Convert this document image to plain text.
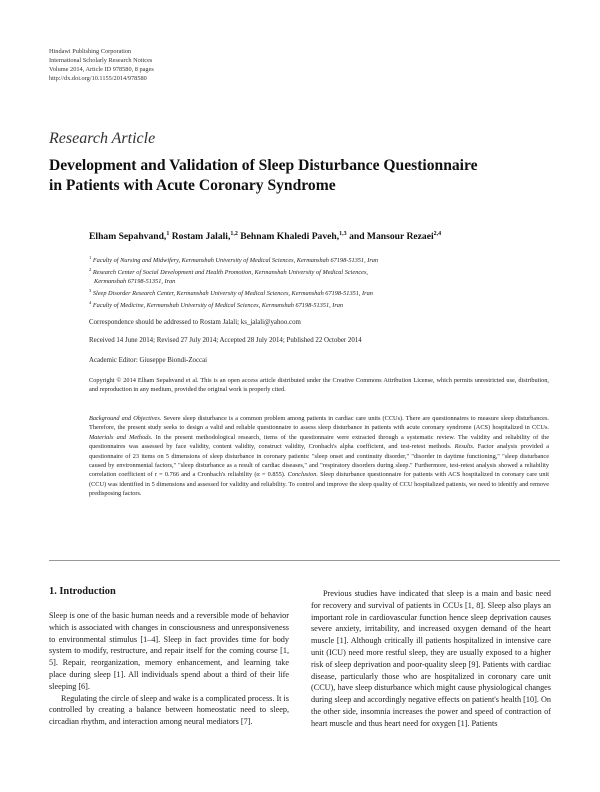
Hindawi Publishing Corporation
International Scholarly Research Notices
Volume 2014, Article ID 978580, 8 pages
http://dx.doi.org/10.1155/2014/978580
Research Article
Development and Validation of Sleep Disturbance Questionnaire
in Patients with Acute Coronary Syndrome
Elham Sepahvand,$^1$ Rostam Jalali,$^{1,2}$ Behnam Khaledi Paveh,$^{1,3}$ and Mansour Rezaei$^{2,4}$
$^1$ Faculty of Nursing and Midwifery, Kermanshah University of Medical Sciences, Kermanshah 67198-51351, Iran
$^2$ Research Center of Social Development and Health Promotion, Kermanshah University of Medical Sciences,
Kermanshah 67198-51351, Iran
$^3$ Sleep Disorder Research Center, Kermanshah University of Medical Sciences, Kermanshah 67198-51351, Iran
$^4$ Faculty of Medicine, Kermanshah University of Medical Sciences, Kermanshah 67198-51351, Iran
Correspondence should be addressed to Rostam Jalali; ks_jalali@yahoo.com
Received 14 June 2014; Revised 27 July 2014; Accepted 28 July 2014; Published 22 October 2014
Academic Editor: Giuseppe Biondi-Zoccai
Copyright © 2014 Elham Sepahvand et al. This is an open access article distributed under the Creative Commons Attribution License, which permits unrestricted use, distribution, and reproduction in any medium, provided the original work is properly cited.
Background and Objectives. Severe sleep disturbance is a common problem among patients in cardiac care units (CCUs). There are questionnaires to measure sleep disturbances. Therefore, the present study seeks to design a valid and reliable questionnaire to assess sleep disturbance in patients with acute coronary syndrome (ACS) hospitalized in CCUs. Materials and Methods. In the present methodological research, items of the questionnaire were extracted through a systematic review. The validity and reliability of the questionnaires was assessed by face validity, content validity, construct validity, Cronbach's alpha coefficient, and test-retest methods. Results. Factor analysis provided a questionnaire of 23 items on 5 dimensions of sleep disturbance in coronary patients: "sleep onset and continuity disorder," "disorder in daytime functioning," "sleep disturbance caused by environmental factors," "sleep disturbance as a result of cardiac diseases," and "respiratory disorders during sleep." Furthermore, test-retest analysis showed a reliability correlation coefficient of r = 0.766 and a Cronbach's reliability (α = 0.855). Conclusion. Sleep disturbance questionnaire for patients with ACS hospitalized in coronary care unit (CCU) was identified in 5 dimensions and assessed for validity and reliability. To control and improve the sleep quality of CCU hospitalized patients, we need to identify and remove predisposing factors.
1. Introduction

Sleep is one of the basic human needs and a reversible mode of behavior which is associated with changes in consciousness and unresponsiveness to environmental stimulus [1–4]. Sleep in fact provides time for body system to modify, restructure, and repair itself for the coming course [1, 5]. Repair, reorganization, memory enhancement, and learning take place during sleep [1]. All individuals spend about a third of their life sleeping [6].

Regulating the circle of sleep and wake is a complicated process. It is controlled by creating a balance between homeostatic need to sleep, circadian rhythm, and interaction among neural mediators [7].

Previous studies have indicated that sleep is a main and basic need for recovery and survival of patients in CCUs [1, 8]. Sleep also plays an important role in cardiovascular function hence sleep deprivation causes severe anxiety, irritability, and increased oxygen demand of the heart muscle [1]. Although critically ill patients hospitalized in intensive care unit (ICU) need more restful sleep, they are usually exposed to a higher risk of sleep deprivation and poor-quality sleep [9]. Patients with cardiac disease, particularly those who are hospitalized in coronary care unit (CCU), have sleep disturbance which might cause physiological changes during sleep and accordingly negative effects on patient's health [10]. On the other side, insomnia increases the power and speed of contraction of heart muscle and thus heart need for oxygen [1]. Patients
